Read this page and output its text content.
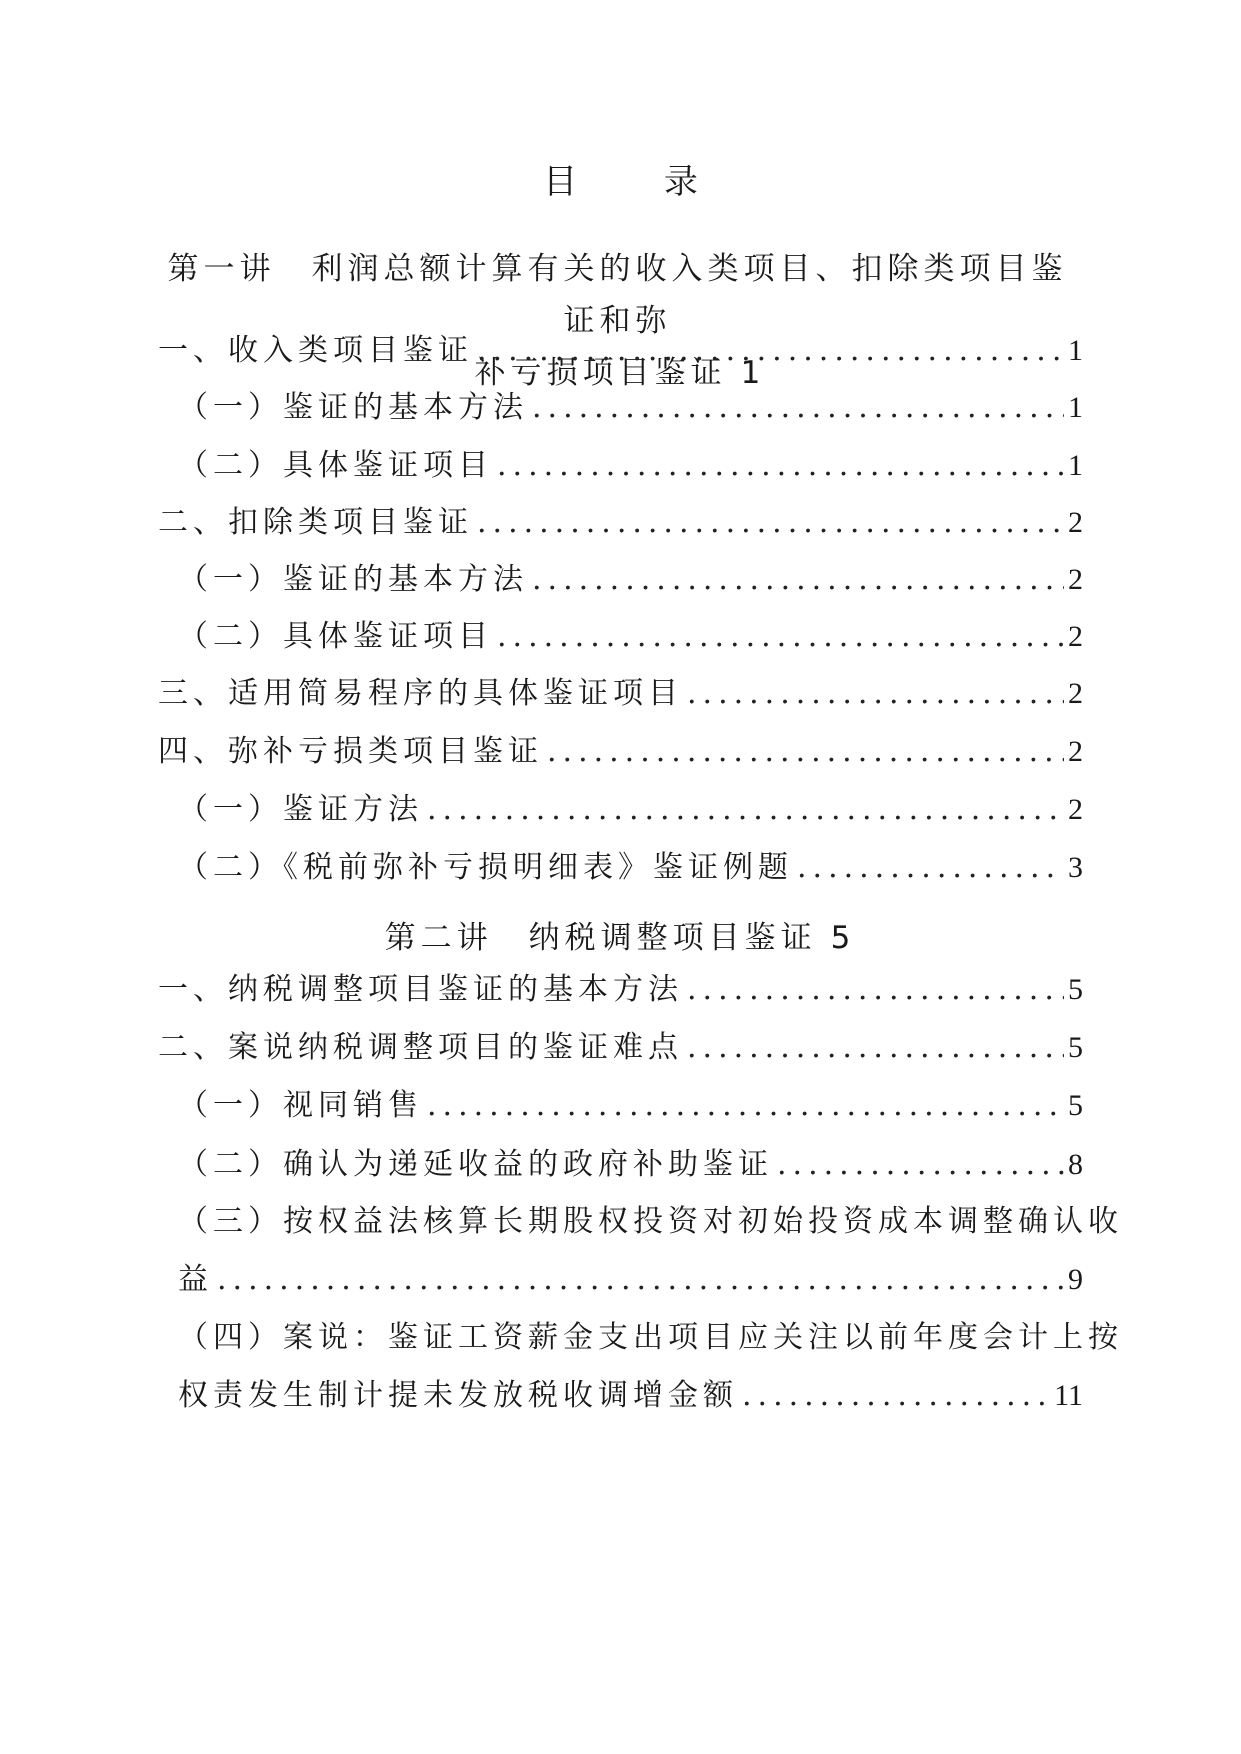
目 录
第一讲　利润总额计算有关的收入类项目、扣除类项目鉴证和弥
补亏损项目鉴证 1
一、收入类项目鉴证 .....	1
（一）鉴证的基本方法 .....	1
（二）具体鉴证项目 .....	1
二、扣除类项目鉴证 .....	2
（一）鉴证的基本方法 .....	2
（二）具体鉴证项目 .....	2
三、适用简易程序的具体鉴证项目 .....	2
四、弥补亏损类项目鉴证 .....	2
（一）鉴证方法 .....	2
（二）《税前弥补亏损明细表》鉴证例题 .....	3
第二讲　纳税调整项目鉴证 5
一、纳税调整项目鉴证的基本方法 .....	5
二、案说纳税调整项目的鉴证难点 .....	5
（一）视同销售 .....	5
（二）确认为递延收益的政府补助鉴证 .....	8
（三）按权益法核算长期股权投资对初始投资成本调整确认收
益 .....	9
（四）案说：鉴证工资薪金支出项目应关注以前年度会计上按
权责发生制计提未发放税收调增金额 .....	11
